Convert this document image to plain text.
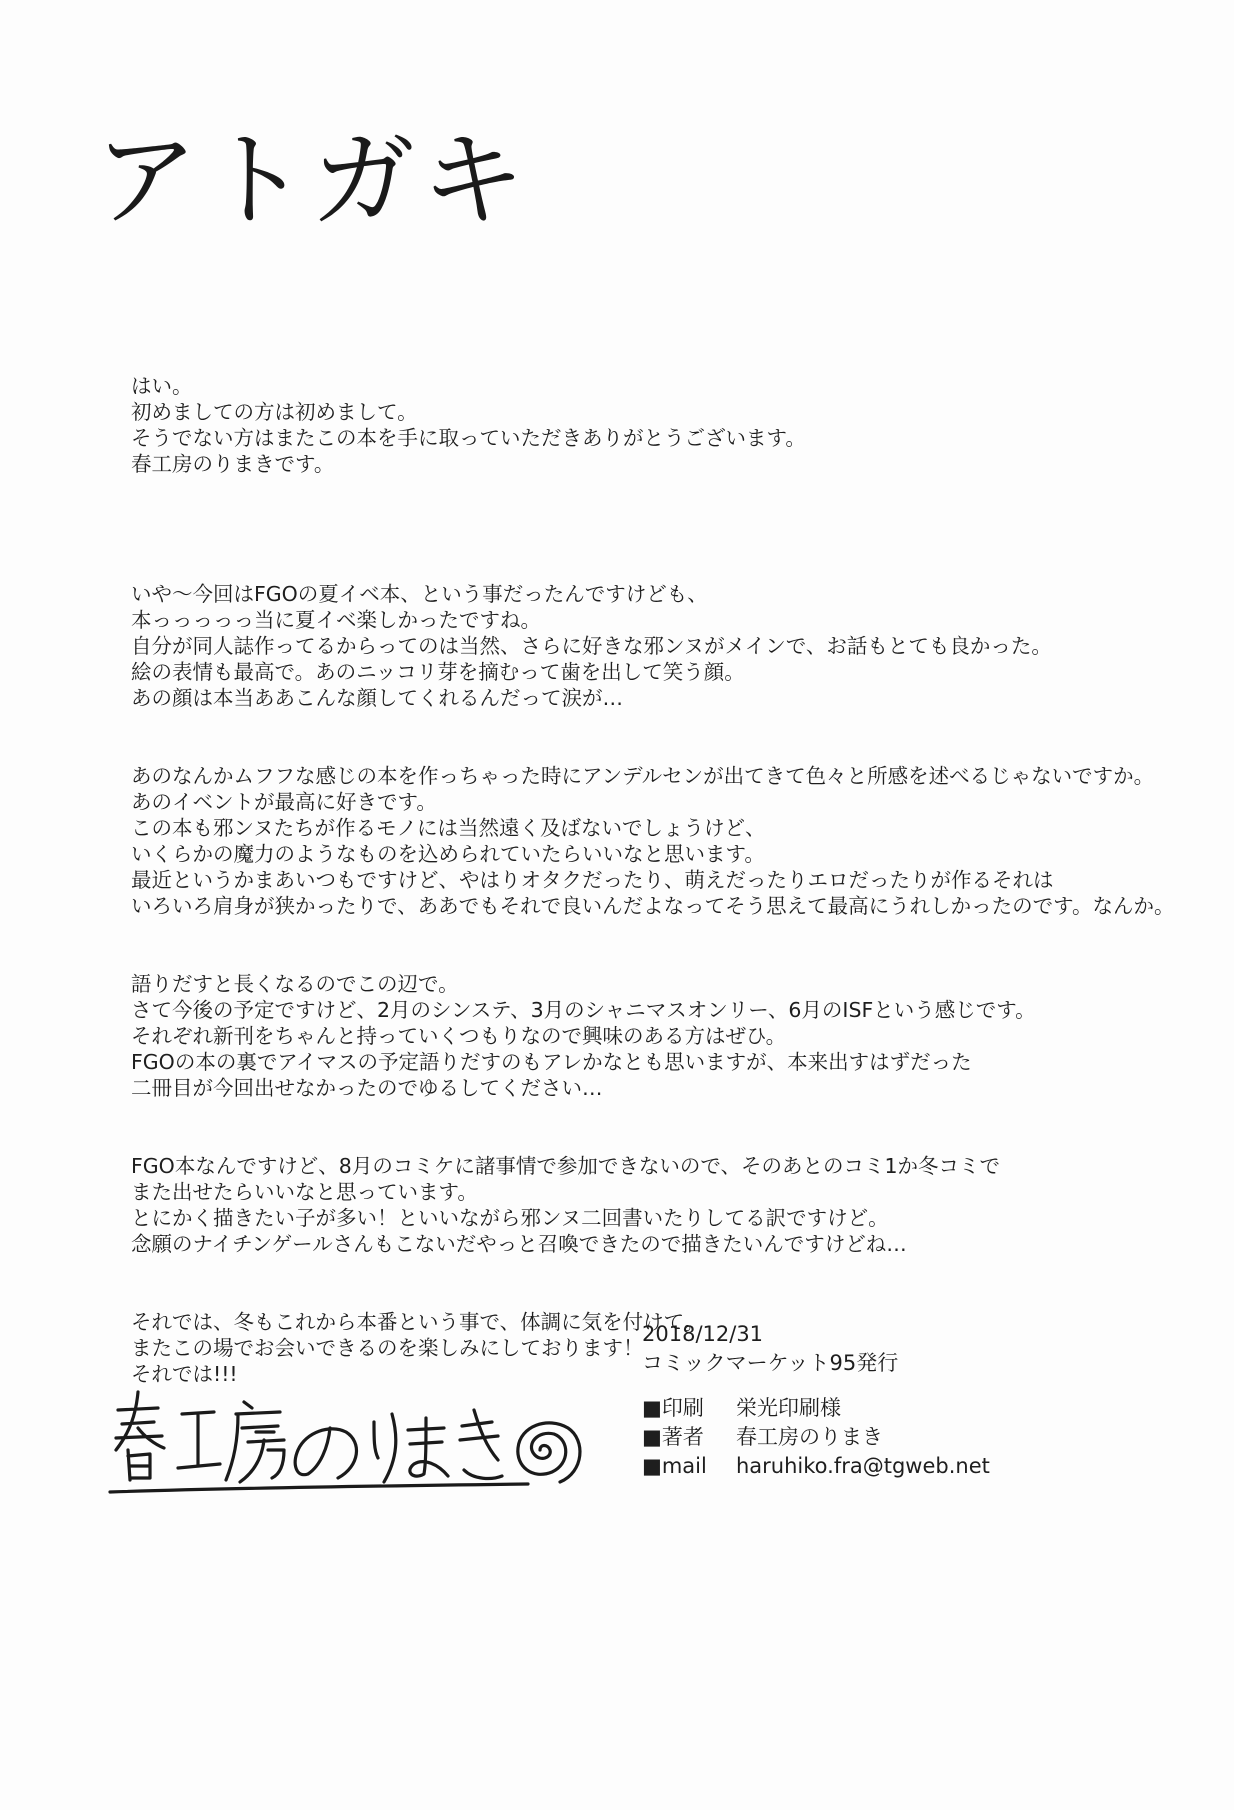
アトガキ
はい。
初めましての方は初めまして。
そうでない方はまたこの本を手に取っていただきありがとうございます。
春工房のりまきです。
いや～今回はFGOの夏イベ本、という事だったんですけども、
本っっっっっ当に夏イベ楽しかったですね。
自分が同人誌作ってるからってのは当然、さらに好きな邪ンヌがメインで、お話もとても良かった。
絵の表情も最高で。あのニッコリ芽を摘むって歯を出して笑う顔。
あの顔は本当ああこんな顔してくれるんだって涙が…
あのなんかムフフな感じの本を作っちゃった時にアンデルセンが出てきて色々と所感を述べるじゃないですか。
あのイベントが最高に好きです。
この本も邪ンヌたちが作るモノには当然遠く及ばないでしょうけど、
いくらかの魔力のようなものを込められていたらいいなと思います。
最近というかまあいつもですけど、やはりオタクだったり、萌えだったりエロだったりが作るそれは
いろいろ肩身が狭かったりで、ああでもそれで良いんだよなってそう思えて最高にうれしかったのです。なんか。
語りだすと長くなるのでこの辺で。
さて今後の予定ですけど、2月のシンステ、3月のシャニマスオンリー、6月のISFという感じです。
それぞれ新刊をちゃんと持っていくつもりなので興味のある方はぜひ。
FGOの本の裏でアイマスの予定語りだすのもアレかなとも思いますが、本来出すはずだった
二冊目が今回出せなかったのでゆるしてください…
FGO本なんですけど、8月のコミケに諸事情で参加できないので、そのあとのコミ1か冬コミで
また出せたらいいなと思っています。
とにかく描きたい子が多い！といいながら邪ンヌ二回書いたりしてる訳ですけど。
念願のナイチンゲールさんもこないだやっと召喚できたので描きたいんですけどね…
それでは、冬もこれから本番という事で、体調に気を付けて。
またこの場でお会いできるのを楽しみにしております！
それでは!!!
2018/12/31
コミックマーケット95発行
■印刷 栄光印刷様
■著者 春工房のりまき
■mail haruhiko.fra@tgweb.net
